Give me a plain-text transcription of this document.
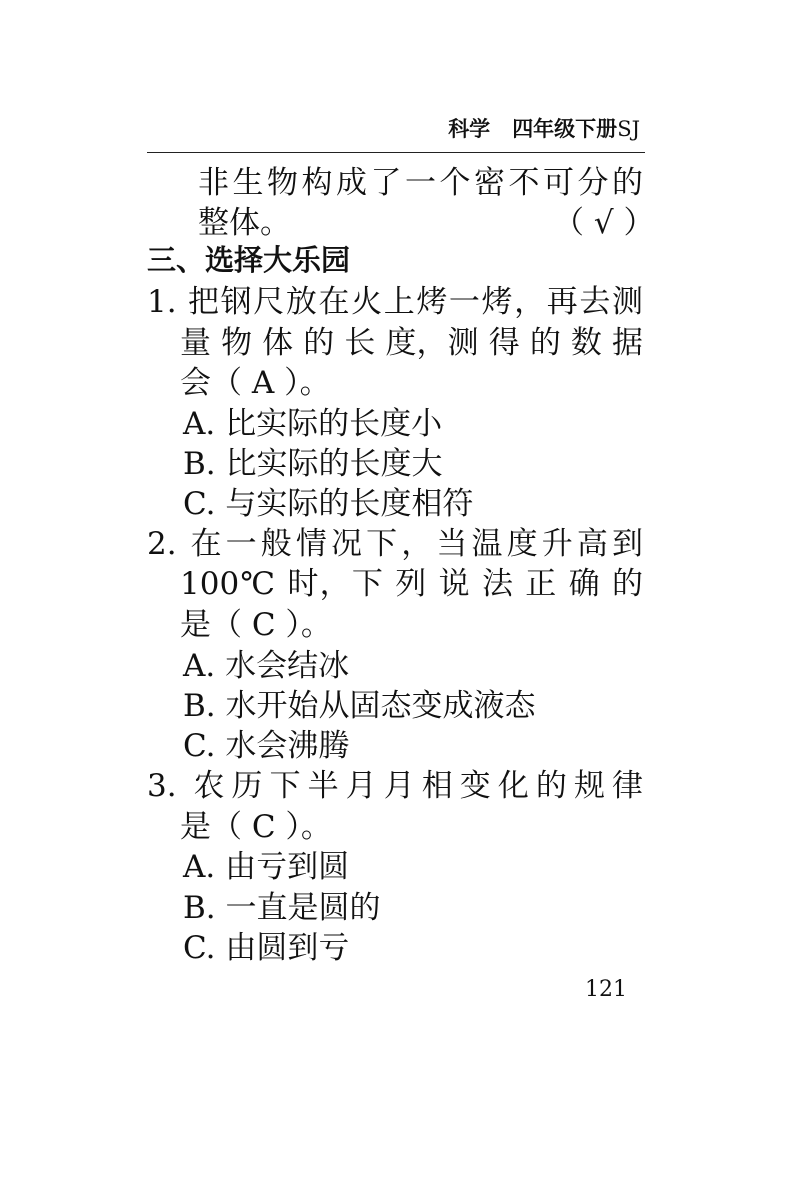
科学 四年级下册SJ
非生物构成了一个密不可分的
整体。	（ √ ）
三、选择大乐园
1. 把钢尺放在火上烤一烤，再去测
量 物 体 的 长 度，测 得 的 数 据
会（ A ）。
A. 比实际的长度小
B. 比实际的长度大
C. 与实际的长度相符
2. 在一般情况下，当温度升高到
100℃ 时，下 列 说 法 正 确 的
是（ C ）。
A. 水会结冰
B. 水开始从固态变成液态
C. 水会沸腾
3. 农历下半月月相变化的规律
是（ C ）。
A. 由亏到圆
B. 一直是圆的
C. 由圆到亏
121
